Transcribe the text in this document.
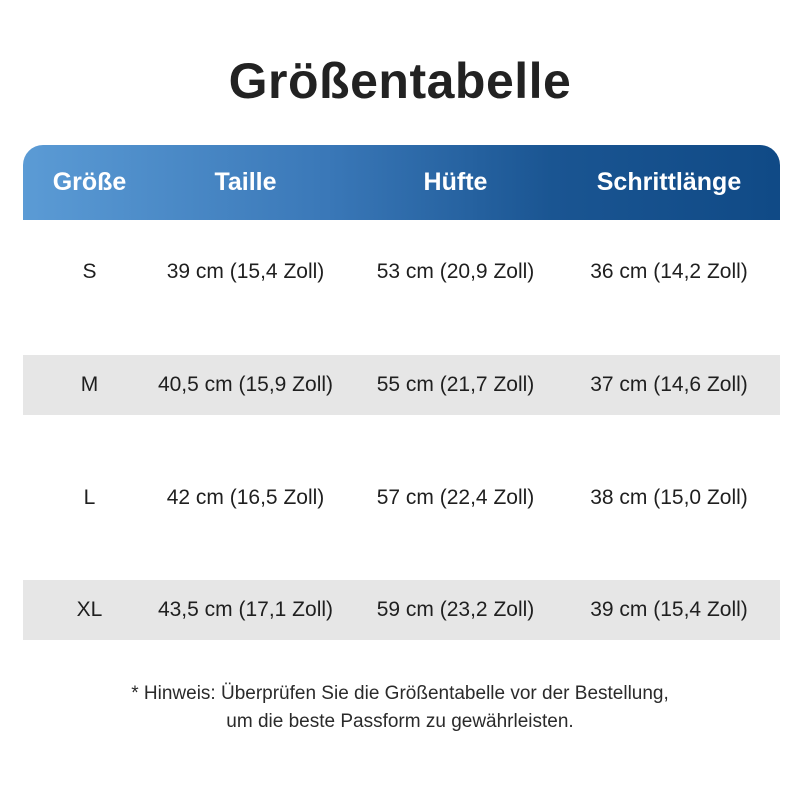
Größentabelle
Größe	Taille	Hüfte	Schrittlänge
S	39 cm (15,4 Zoll)	53 cm (20,9 Zoll)	36 cm (14,2 Zoll)
M	40,5 cm (15,9 Zoll)	55 cm (21,7 Zoll)	37 cm (14,6 Zoll)
L	42 cm (16,5 Zoll)	57 cm (22,4 Zoll)	38 cm (15,0 Zoll)
XL	43,5 cm (17,1 Zoll)	59 cm (23,2 Zoll)	39 cm (15,4 Zoll)
* Hinweis: Überprüfen Sie die Größentabelle vor der Bestellung,
um die beste Passform zu gewährleisten.
